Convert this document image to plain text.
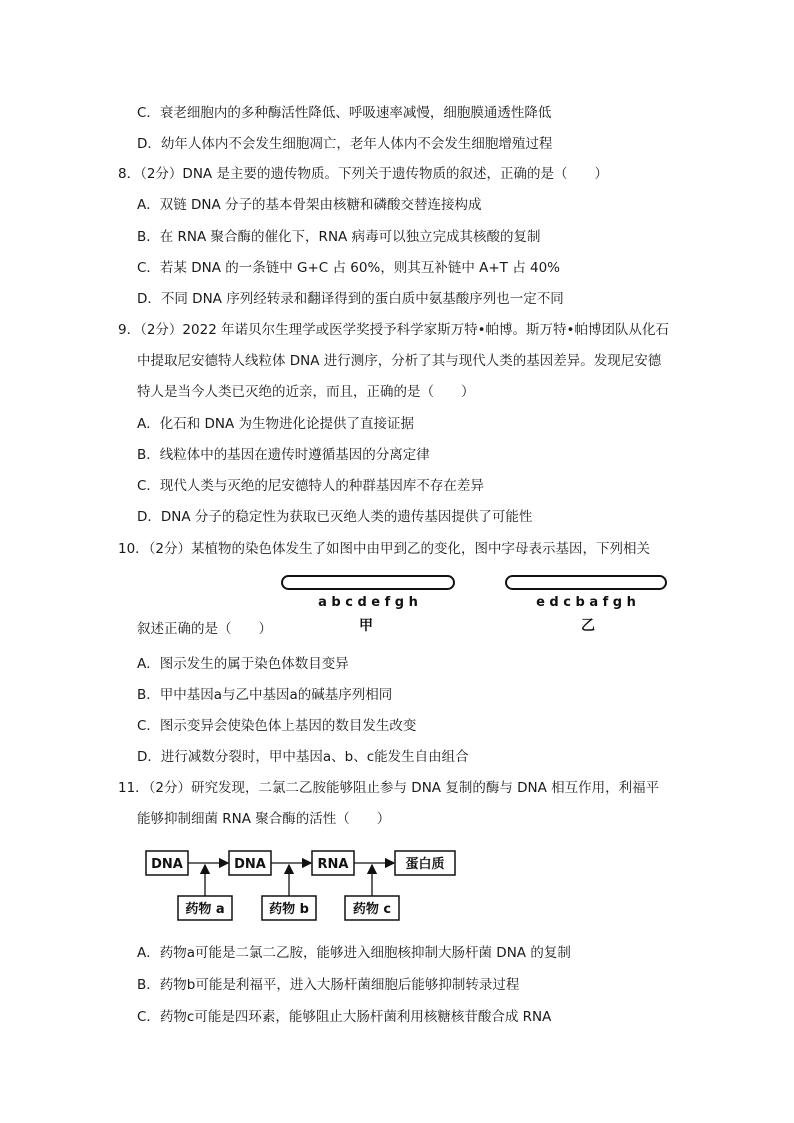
C．衰老细胞内的多种酶活性降低、呼吸速率减慢，细胞膜通透性降低
D．幼年人体内不会发生细胞凋亡，老年人体内不会发生细胞增殖过程
8．（2分）DNA 是主要的遗传物质。下列关于遗传物质的叙述，正确的是（　　）
A．双链 DNA 分子的基本骨架由核糖和磷酸交替连接构成
B．在 RNA 聚合酶的催化下，RNA 病毒可以独立完成其核酸的复制
C．若某 DNA 的一条链中 G+C 占 60%，则其互补链中 A+T 占 40%
D．不同 DNA 序列经转录和翻译得到的蛋白质中氨基酸序列也一定不同
9．（2分）2022 年诺贝尔生理学或医学奖授予科学家斯万特•帕博。斯万特•帕博团队从化石
中提取尼安德特人线粒体 DNA 进行测序，分析了其与现代人类的基因差异。发现尼安德
特人是当今人类已灭绝的近亲，而且，正确的是（　　）
A．化石和 DNA 为生物进化论提供了直接证据
B．线粒体中的基因在遗传时遵循基因的分离定律
C．现代人类与灭绝的尼安德特人的种群基因库不存在差异
D．DNA 分子的稳定性为获取已灭绝人类的遗传基因提供了可能性
10．（2分）某植物的染色体发生了如图中由甲到乙的变化，图中字母表示基因，下列相关
叙述正确的是（　　）
a b c d e f g h
甲
e d c b a f g h
乙
A．图示发生的属于染色体数目变异
B．甲中基因a与乙中基因a的碱基序列相同
C．图示变异会使染色体上基因的数目发生改变
D．进行减数分裂时，甲中基因a、b、c能发生自由组合
11．（2分）研究发现，二氯二乙胺能够阻止参与 DNA 复制的酶与 DNA 相互作用，利福平
能够抑制细菌 RNA 聚合酶的活性（　　）
DNA	DNA	RNA	蛋白质
药物 a	药物 b	药物 c
A．药物a可能是二氯二乙胺，能够进入细胞核抑制大肠杆菌 DNA 的复制
B．药物b可能是利福平，进入大肠杆菌细胞后能够抑制转录过程
C．药物c可能是四环素，能够阻止大肠杆菌利用核糖核苷酸合成 RNA
